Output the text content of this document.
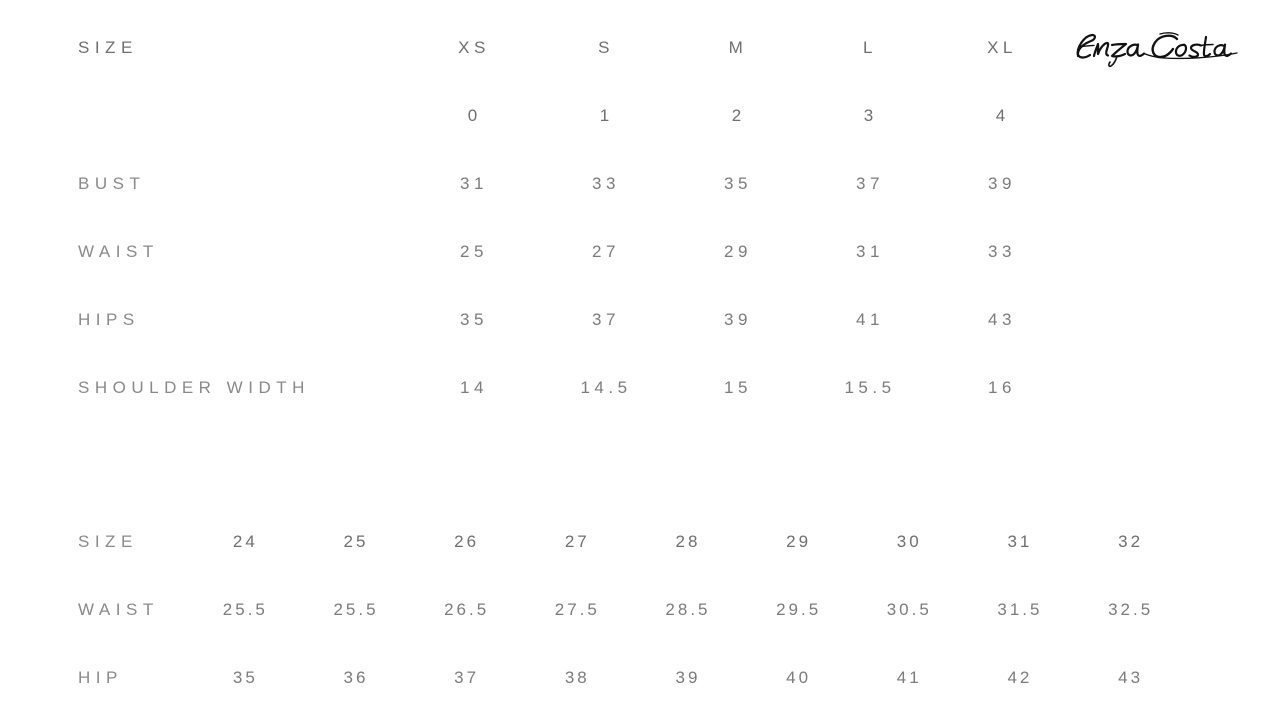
SIZE	XS	S	M	L	XL
	0	1	2	3	4
BUST	31	33	35	37	39
WAIST	25	27	29	31	33
HIPS	35	37	39	41	43
SHOULDER WIDTH	14	14.5	15	15.5	16
SIZE	24	25	26	27	28	29	30	31	32
WAIST	25.5	25.5	26.5	27.5	28.5	29.5	30.5	31.5	32.5
HIP	35	36	37	38	39	40	41	42	43
